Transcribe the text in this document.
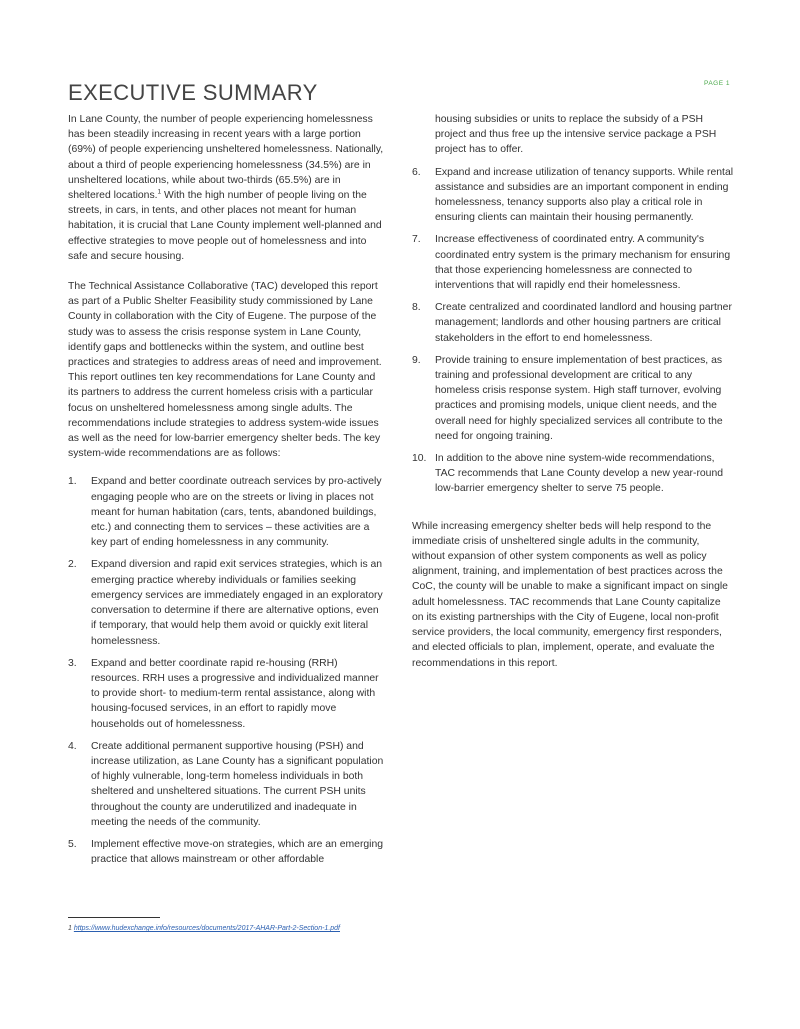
PAGE 1
EXECUTIVE SUMMARY

In Lane County, the number of people experiencing homelessness has been steadily increasing in recent years with a large portion (69%) of people experiencing unsheltered homelessness. Nationally, about a third of people experiencing homelessness (34.5%) are in unsheltered locations, while about two-thirds (65.5%) are in sheltered locations.$^1$ With the high number of people living on the streets, in cars, in tents, and other places not meant for human habitation, it is crucial that Lane County implement well-planned and effective strategies to move people out of homelessness and into safe and secure housing.

The Technical Assistance Collaborative (TAC) developed this report as part of a Public Shelter Feasibility study commissioned by Lane County in collaboration with the City of Eugene. The purpose of the study was to assess the crisis response system in Lane County, identify gaps and bottlenecks within the system, and outline best practices and strategies to address areas of need and improvement. This report outlines ten key recommendations for Lane County and its partners to address the current homeless crisis with a particular focus on unsheltered homelessness among single adults. The recommendations include strategies to address system-wide issues as well as the need for low-barrier emergency shelter beds. The key system-wide recommendations are as follows:

1. Expand and better coordinate outreach services by pro-actively engaging people who are on the streets or living in places not meant for human habitation (cars, tents, abandoned buildings, etc.) and connecting them to services – these activities are a key part of ending homelessness in any community.
2. Expand diversion and rapid exit services strategies, which is an emerging practice whereby individuals or families seeking emergency services are immediately engaged in an exploratory conversation to determine if there are alternative options, even if temporary, that would help them avoid or quickly exit literal homelessness.
3. Expand and better coordinate rapid re-housing (RRH) resources. RRH uses a progressive and individualized manner to provide short- to medium-term rental assistance, along with housing-focused services, in an effort to rapidly move households out of homelessness.
4. Create additional permanent supportive housing (PSH) and increase utilization, as Lane County has a significant population of highly vulnerable, long-term homeless individuals in both sheltered and unsheltered situations. The current PSH units throughout the county are underutilized and inadequate in meeting the needs of the community.
5. Implement effective move-on strategies, which are an emerging practice that allows mainstream or other affordable
housing subsidies or units to replace the subsidy of a PSH project and thus free up the intensive service package a PSH project has to offer.
6. Expand and increase utilization of tenancy supports. While rental assistance and subsidies are an important component in ending homelessness, tenancy supports also play a critical role in ensuring clients can maintain their housing permanently.
7. Increase effectiveness of coordinated entry. A community's coordinated entry system is the primary mechanism for ensuring that those experiencing homelessness are connected to interventions that will rapidly end their homelessness.
8. Create centralized and coordinated landlord and housing partner management; landlords and other housing partners are critical stakeholders in the effort to end homelessness.
9. Provide training to ensure implementation of best practices, as training and professional development are critical to any homeless crisis response system. High staff turnover, evolving practices and promising models, unique client needs, and the overall need for highly specialized services all contribute to the need for ongoing training.
10. In addition to the above nine system-wide recommendations, TAC recommends that Lane County develop a new year-round low-barrier emergency shelter to serve 75 people.

While increasing emergency shelter beds will help respond to the immediate crisis of unsheltered single adults in the community, without expansion of other system components as well as policy alignment, training, and implementation of best practices across the CoC, the county will be unable to make a significant impact on single adult homelessness. TAC recommends that Lane County capitalize on its existing partnerships with the City of Eugene, local non-profit service providers, the local community, emergency first responders, and elected officials to plan, implement, operate, and evaluate the recommendations in this report.

1 https://www.hudexchange.info/resources/documents/2017-AHAR-Part-2-Section-1.pdf
